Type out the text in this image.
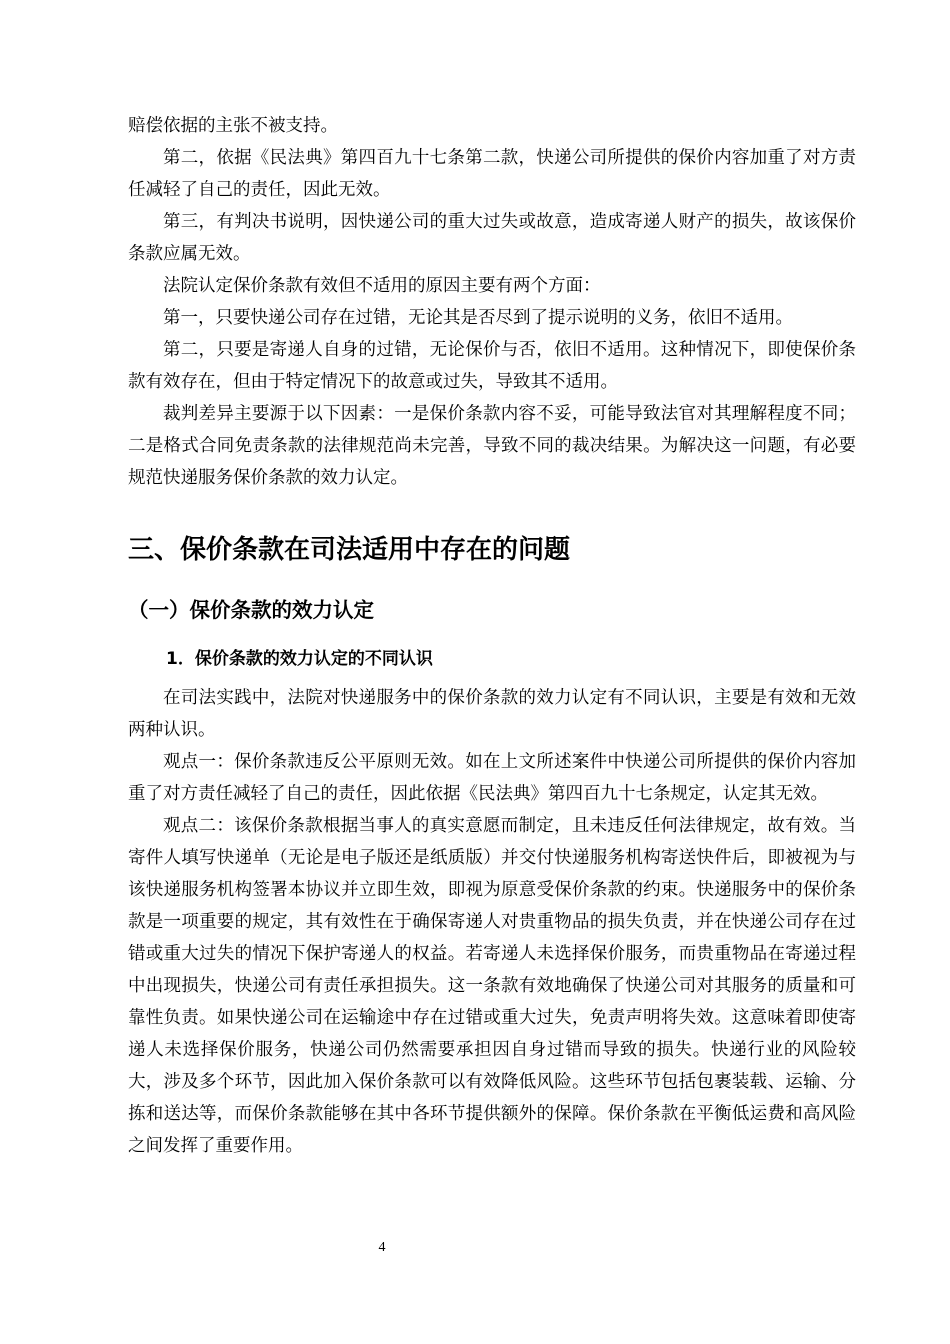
赔偿依据的主张不被支持。

第二，依据《民法典》第四百九十七条第二款，快递公司所提供的保价内容加重了对方责任减轻了自己的责任，因此无效。

第三，有判决书说明，因快递公司的重大过失或故意，造成寄递人财产的损失，故该保价条款应属无效。

法院认定保价条款有效但不适用的原因主要有两个方面：

第一，只要快递公司存在过错，无论其是否尽到了提示说明的义务，依旧不适用。

第二，只要是寄递人自身的过错，无论保价与否，依旧不适用。这种情况下，即使保价条款有效存在，但由于特定情况下的故意或过失，导致其不适用。

裁判差异主要源于以下因素：一是保价条款内容不妥，可能导致法官对其理解程度不同；二是格式合同免责条款的法律规范尚未完善，导致不同的裁决结果。为解决这一问题，有必要规范快递服务保价条款的效力认定。

三、保价条款在司法适用中存在的问题
（一）保价条款的效力认定
1．保价条款的效力认定的不同认识

在司法实践中，法院对快递服务中的保价条款的效力认定有不同认识，主要是有效和无效两种认识。

观点一：保价条款违反公平原则无效。如在上文所述案件中快递公司所提供的保价内容加重了对方责任减轻了自己的责任，因此依据《民法典》第四百九十七条规定，认定其无效。

观点二：该保价条款根据当事人的真实意愿而制定，且未违反任何法律规定，故有效。当寄件人填写快递单（无论是电子版还是纸质版）并交付快递服务机构寄送快件后，即被视为与该快递服务机构签署本协议并立即生效，即视为原意受保价条款的约束。快递服务中的保价条款是一项重要的规定，其有效性在于确保寄递人对贵重物品的损失负责，并在快递公司存在过错或重大过失的情况下保护寄递人的权益。若寄递人未选择保价服务，而贵重物品在寄递过程中出现损失，快递公司有责任承担损失。这一条款有效地确保了快递公司对其服务的质量和可靠性负责。如果快递公司在运输途中存在过错或重大过失，免责声明将失效。这意味着即使寄递人未选择保价服务，快递公司仍然需要承担因自身过错而导致的损失。快递行业的风险较大，涉及多个环节，因此加入保价条款可以有效降低风险。这些环节包括包裹装载、运输、分拣和送达等，而保价条款能够在其中各环节提供额外的保障。保价条款在平衡低运费和高风险之间发挥了重要作用。

4
